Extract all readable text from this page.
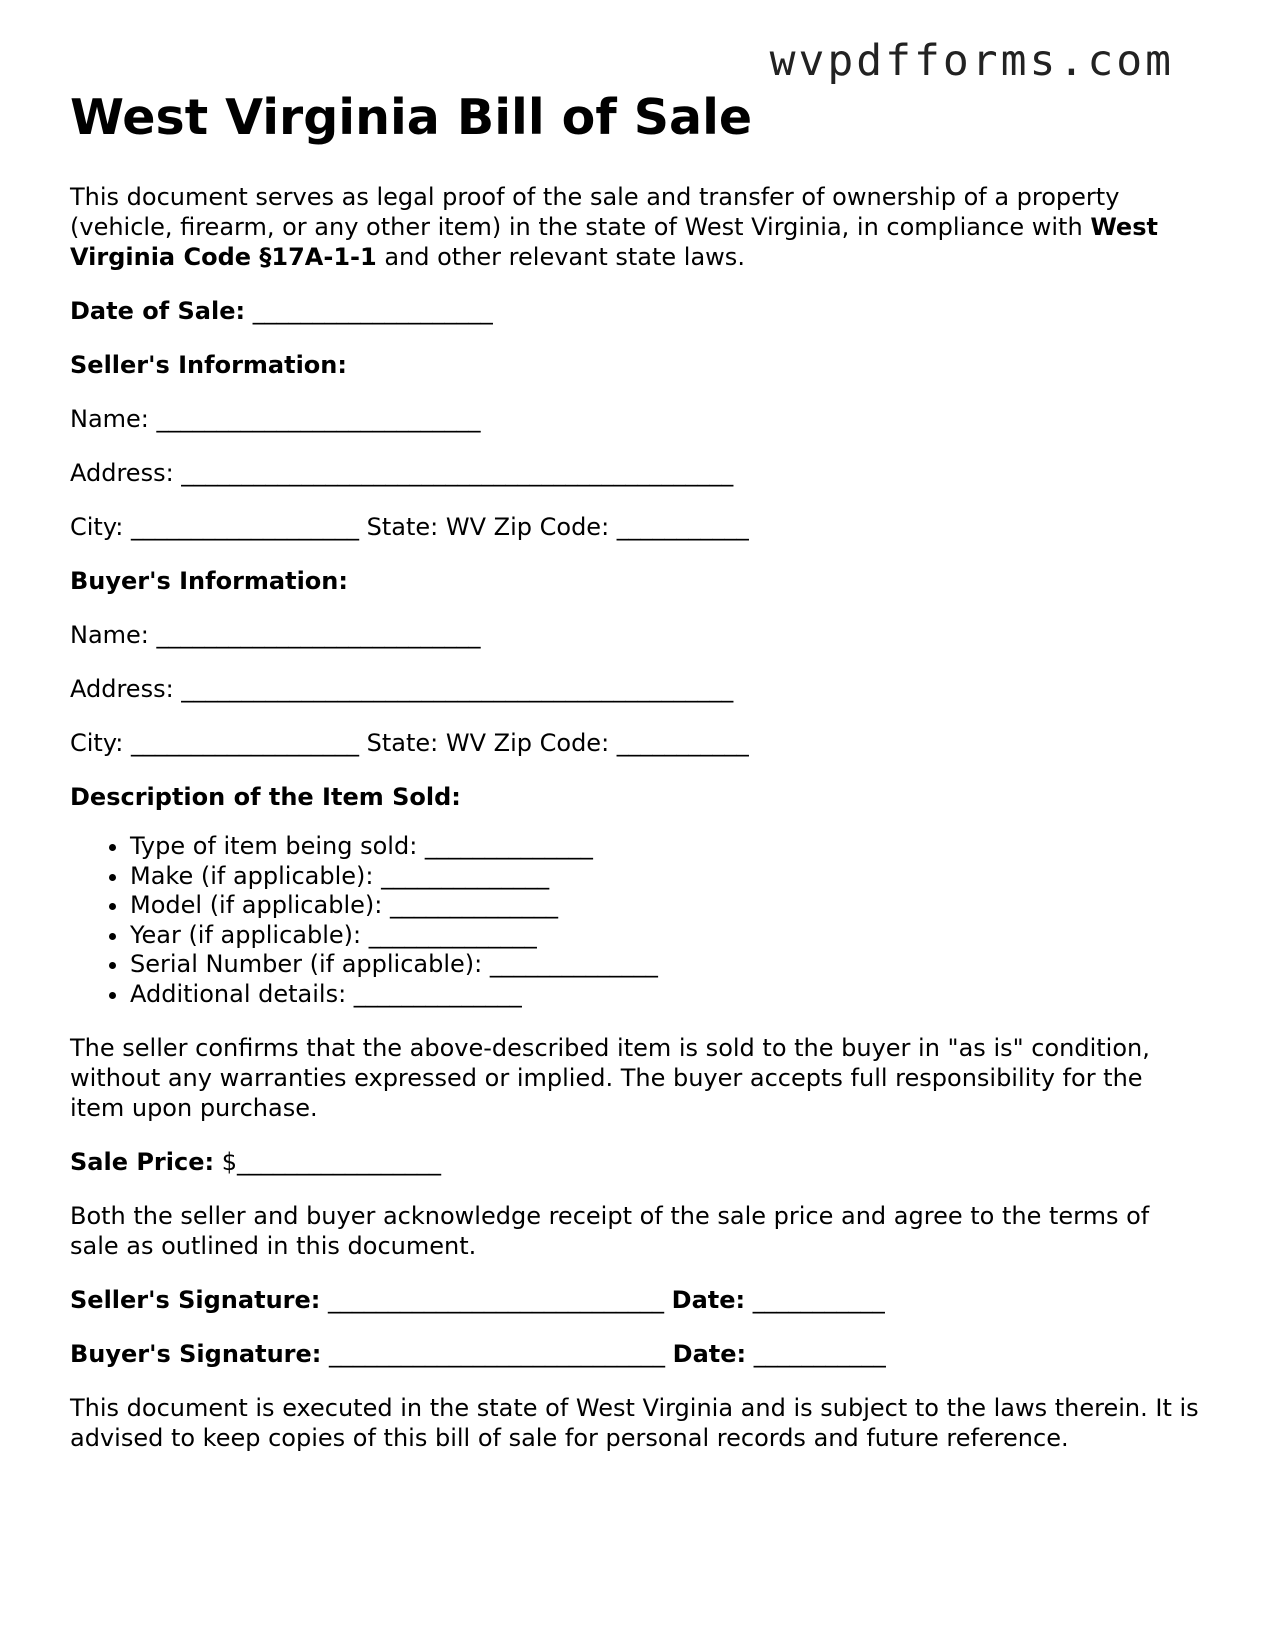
wvpdfforms.com
West Virginia Bill of Sale

This document serves as legal proof of the sale and transfer of ownership of a property (vehicle, firearm, or any other item) in the state of West Virginia, in compliance with West Virginia Code §17A-1-1 and other relevant state laws.

Date of Sale: ____________________

Seller's Information:

Name: ___________________________

Address: ______________________________________________

City: ___________________ State: WV Zip Code: ___________

Buyer's Information:

Name: ___________________________

Address: ______________________________________________

City: ___________________ State: WV Zip Code: ___________

Description of the Item Sold:

• Type of item being sold: ______________
• Make (if applicable): ______________
• Model (if applicable): ______________
• Year (if applicable): ______________
• Serial Number (if applicable): ______________
• Additional details: ______________

The seller confirms that the above-described item is sold to the buyer in "as is" condition, without any warranties expressed or implied. The buyer accepts full responsibility for the item upon purchase.

Sale Price: $_________________

Both the seller and buyer acknowledge receipt of the sale price and agree to the terms of sale as outlined in this document.

Seller's Signature: ____________________________ Date: ___________

Buyer's Signature: ____________________________ Date: ___________

This document is executed in the state of West Virginia and is subject to the laws therein. It is advised to keep copies of this bill of sale for personal records and future reference.
